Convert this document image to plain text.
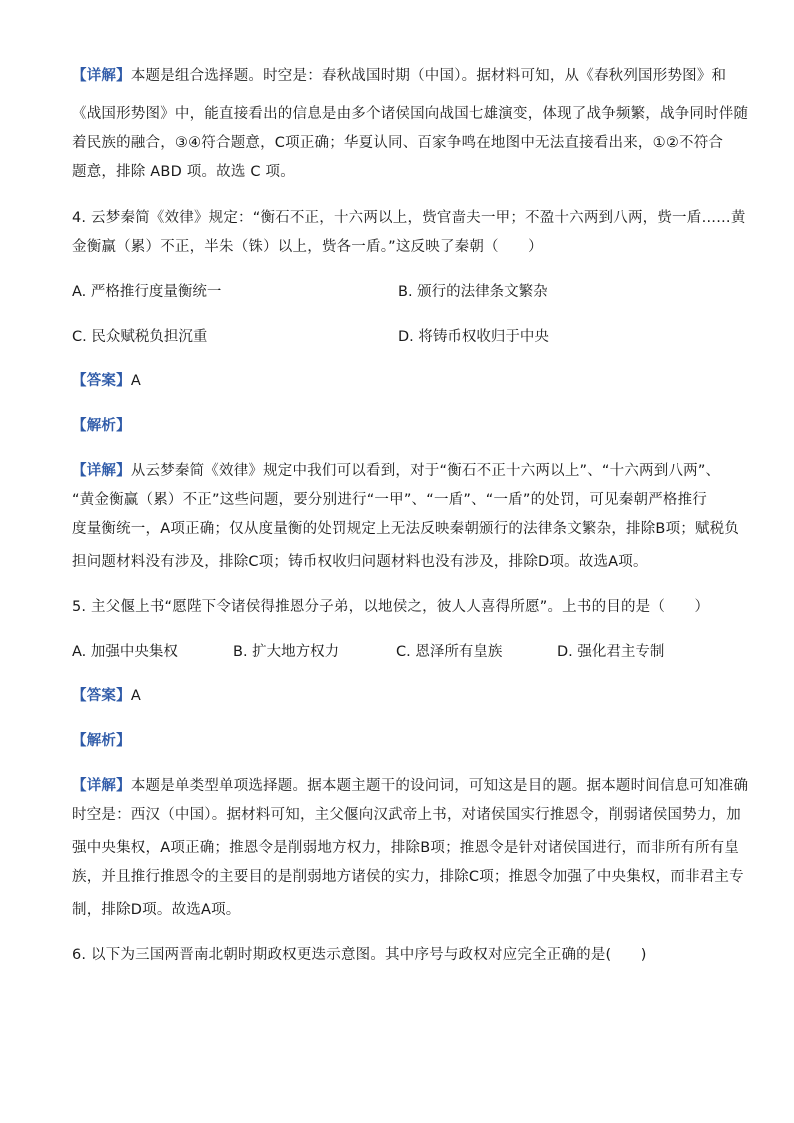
【详解】本题是组合选择题。时空是：春秋战国时期（中国）。据材料可知，从《春秋列国形势图》和
《战国形势图》中，能直接看出的信息是由多个诸侯国向战国七雄演变，体现了战争频繁，战争同时伴随
着民族的融合，③④符合题意，C项正确；华夏认同、百家争鸣在地图中无法直接看出来，①②不符合
题意，排除 ABD 项。故选 C 项。
4. 云梦秦简《效律》规定：“衡石不正，十六两以上，赀官啬夫一甲；不盈十六两到八两，赀一盾……黄
金衡赢（累）不正，半朱（铢）以上，赀各一盾。”这反映了秦朝（　　）
A. 严格推行度量衡统一	B. 颁行的法律条文繁杂
C. 民众赋税负担沉重	D. 将铸币权收归于中央
【答案】A
【解析】
【详解】从云梦秦简《效律》规定中我们可以看到，对于“衡石不正十六两以上”、“十六两到八两”、
“黄金衡赢（累）不正”这些问题，要分别进行“一甲”、“一盾”、“一盾”的处罚，可见秦朝严格推行
度量衡统一，A项正确；仅从度量衡的处罚规定上无法反映秦朝颁行的法律条文繁杂，排除B项；赋税负
担问题材料没有涉及，排除C项；铸币权收归问题材料也没有涉及，排除D项。故选A项。
5. 主父偃上书“愿陛下令诸侯得推恩分子弟，以地侯之，彼人人喜得所愿”。上书的目的是（　　）
A. 加强中央集权	B. 扩大地方权力	C. 恩泽所有皇族	D. 强化君主专制
【答案】A
【解析】
【详解】本题是单类型单项选择题。据本题主题干的设问词，可知这是目的题。据本题时间信息可知准确
时空是：西汉（中国）。据材料可知，主父偃向汉武帝上书，对诸侯国实行推恩令，削弱诸侯国势力，加
强中央集权，A项正确；推恩令是削弱地方权力，排除B项；推恩令是针对诸侯国进行，而非所有所有皇
族，并且推行推恩令的主要目的是削弱地方诸侯的实力，排除C项；推恩令加强了中央集权，而非君主专
制，排除D项。故选A项。
6. 以下为三国两晋南北朝时期政权更迭示意图。其中序号与政权对应完全正确的是(　　)
